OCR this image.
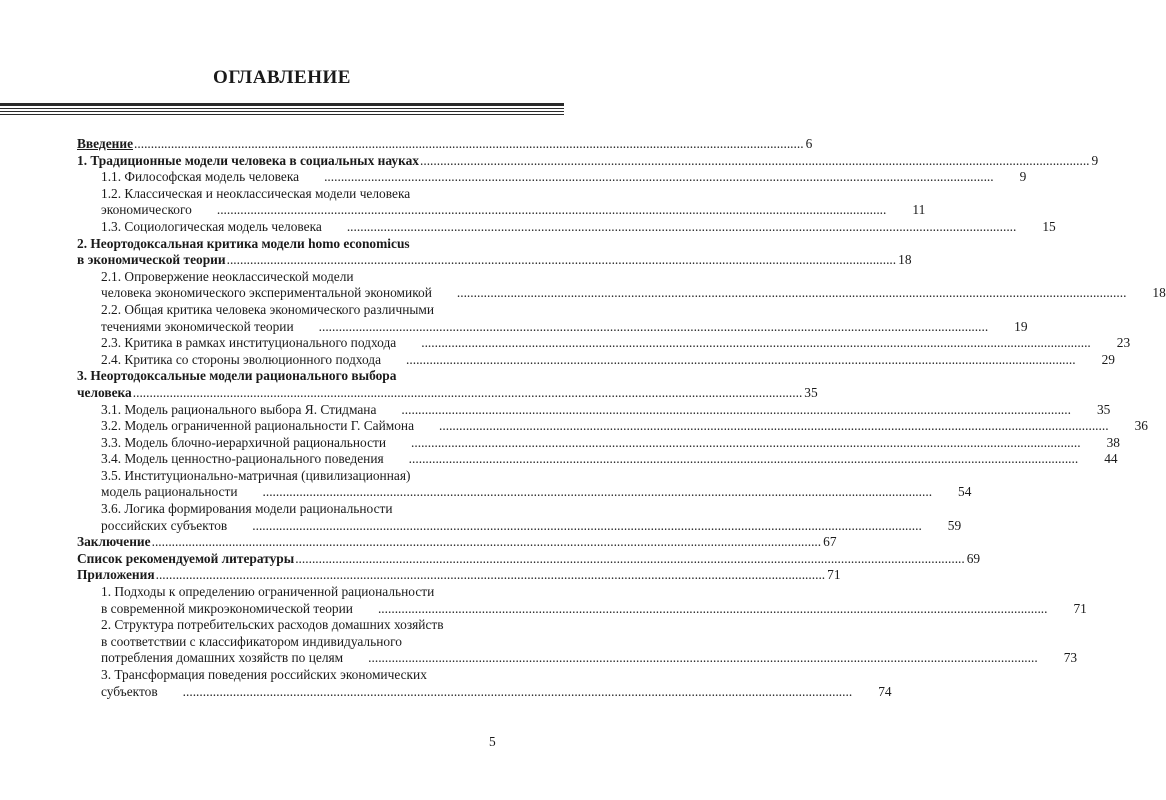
ОГЛАВЛЕНИЕ
Введение .....	6
1. Традиционные модели человека в социальных науках .....	9
1.1. Философская модель человека .....	9
1.2. Классическая и неоклассическая модели человека
экономического .....	11
1.3. Социологическая модель человека .....	15
2. Неортодоксальная критика модели homo economicus
в экономической теории .....	18
2.1. Опровержение неоклассической модели
человека экономического экспериментальной экономикой .....	18
2.2. Общая критика человека экономического различными
течениями экономической теории .....	19
2.3. Критика в рамках институционального подхода .....	23
2.4. Критика со стороны эволюционного подхода .....	29
3. Неортодоксальные модели рационального выбора
человека .....	35
3.1. Модель рационального выбора Я. Стидмана .....	35
3.2. Модель ограниченной рациональности Г. Саймона .....	36
3.3. Модель блочно-иерархичной рациональности .....	38
3.4. Модель ценностно-рационального поведения .....	44
3.5. Институционально-матричная (цивилизационная)
модель рациональности .....	54
3.6. Логика формирования модели рациональности
российских субъектов .....	59
Заключение .....	67
Список рекомендуемой литературы .....	69
Приложения .....	71
1. Подходы к определению ограниченной рациональности
в современной микроэкономической теории .....	71
2. Структура потребительских расходов домашних хозяйств
в соответствии с классификатором индивидуального
потребления домашних хозяйств по целям .....	73
3. Трансформация поведения российских экономических
субъектов .....	74
5
